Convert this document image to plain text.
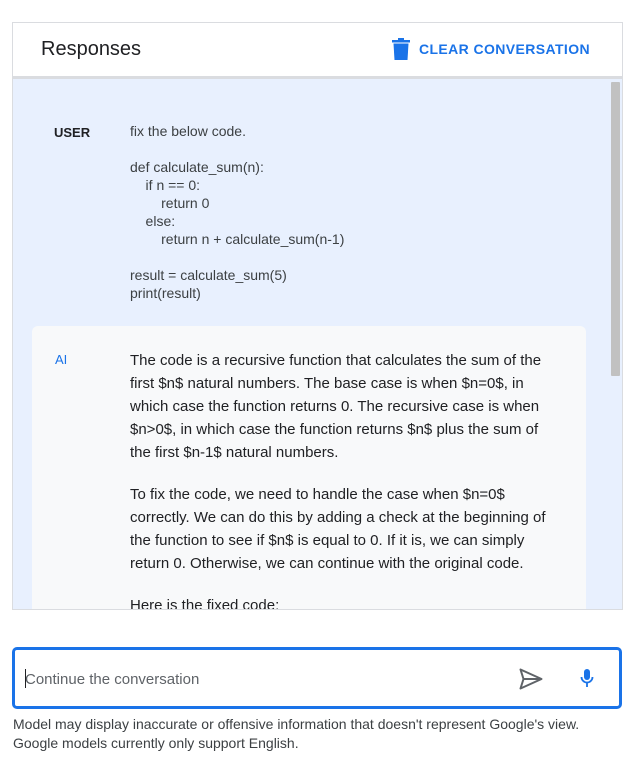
Responses	CLEAR CONVERSATION
USER	fix the below code.

def calculate_sum(n):
if n == 0:
return 0
else:
return n + calculate_sum(n-1)

result = calculate_sum(5)
print(result)
AI	The code is a recursive function that calculates the sum of the first $n$ natural numbers. The base case is when $n=0$, in which case the function returns 0. The recursive case is when $n>0$, in which case the function returns $n$ plus the sum of the first $n-1$ natural numbers.

To fix the code, we need to handle the case when $n=0$ correctly. We can do this by adding a check at the beginning of the function to see if $n$ is equal to 0. If it is, we can simply return 0. Otherwise, we can continue with the original code.

Here is the fixed code:

Continue the conversation
Model may display inaccurate or offensive information that doesn't represent Google's view. Google models currently only support English.
